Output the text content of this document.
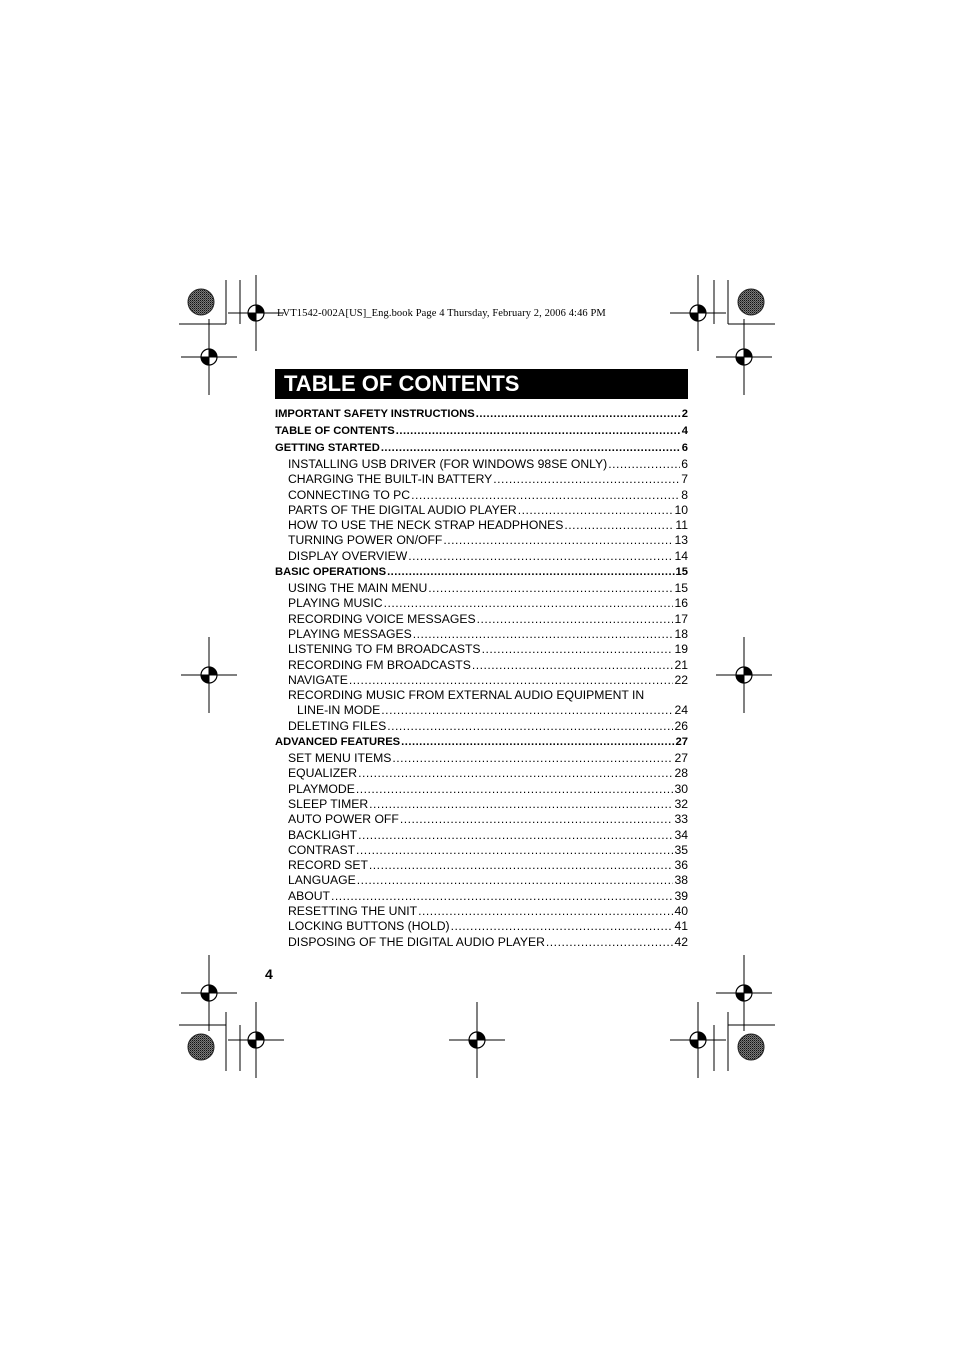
LVT1542-002A[US]_Eng.book Page 4 Thursday, February 2, 2006 4:46 PM
TABLE OF CONTENTS
IMPORTANT SAFETY INSTRUCTIONS .....	2
TABLE OF CONTENTS .....	4
GETTING STARTED .....	6
INSTALLING USB DRIVER (FOR WINDOWS 98SE ONLY) .....	6
CHARGING THE BUILT-IN BATTERY .....	7
CONNECTING TO PC .....	8
PARTS OF THE DIGITAL AUDIO PLAYER .....	10
HOW TO USE THE NECK STRAP HEADPHONES .....	11
TURNING POWER ON/OFF .....	13
DISPLAY OVERVIEW .....	14
BASIC OPERATIONS .....	15
USING THE MAIN MENU .....	15
PLAYING MUSIC .....	16
RECORDING VOICE MESSAGES .....	17
PLAYING MESSAGES .....	18
LISTENING TO FM BROADCASTS .....	19
RECORDING FM BROADCASTS .....	21
NAVIGATE .....	22
RECORDING MUSIC FROM EXTERNAL AUDIO EQUIPMENT IN
LINE-IN MODE .....	24
DELETING FILES .....	26
ADVANCED FEATURES .....	27
SET MENU ITEMS .....	27
EQUALIZER .....	28
PLAYMODE .....	30
SLEEP TIMER .....	32
AUTO POWER OFF .....	33
BACKLIGHT .....	34
CONTRAST .....	35
RECORD SET .....	36
LANGUAGE .....	38
ABOUT .....	39
RESETTING THE UNIT .....	40
LOCKING BUTTONS (HOLD) .....	41
DISPOSING OF THE DIGITAL AUDIO PLAYER .....	42
4
